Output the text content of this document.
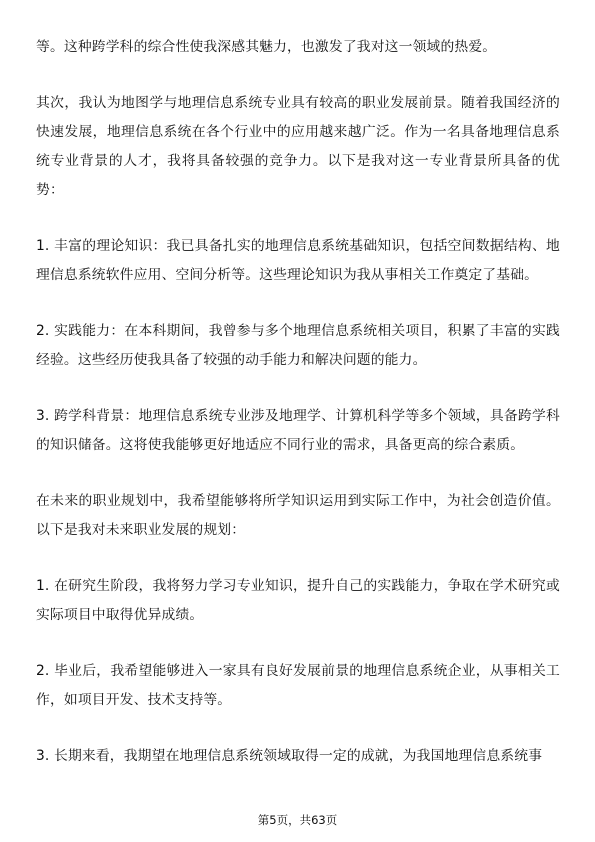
等。这种跨学科的综合性使我深感其魅力，也激发了我对这一领域的热爱。

其次，我认为地图学与地理信息系统专业具有较高的职业发展前景。随着我国经济的快速发展，地理信息系统在各个行业中的应用越来越广泛。作为一名具备地理信息系统专业背景的人才，我将具备较强的竞争力。以下是我对这一专业背景所具备的优势：

1. 丰富的理论知识：我已具备扎实的地理信息系统基础知识，包括空间数据结构、地理信息系统软件应用、空间分析等。这些理论知识为我从事相关工作奠定了基础。

2. 实践能力：在本科期间，我曾参与多个地理信息系统相关项目，积累了丰富的实践经验。这些经历使我具备了较强的动手能力和解决问题的能力。

3. 跨学科背景：地理信息系统专业涉及地理学、计算机科学等多个领域，具备跨学科的知识储备。这将使我能够更好地适应不同行业的需求，具备更高的综合素质。

在未来的职业规划中，我希望能够将所学知识运用到实际工作中，为社会创造价值。以下是我对未来职业发展的规划：

1. 在研究生阶段，我将努力学习专业知识，提升自己的实践能力，争取在学术研究或实际项目中取得优异成绩。

2. 毕业后，我希望能够进入一家具有良好发展前景的地理信息系统企业，从事相关工作，如项目开发、技术支持等。

3. 长期来看，我期望在地理信息系统领域取得一定的成就，为我国地理信息系统事

第5页，共63页
